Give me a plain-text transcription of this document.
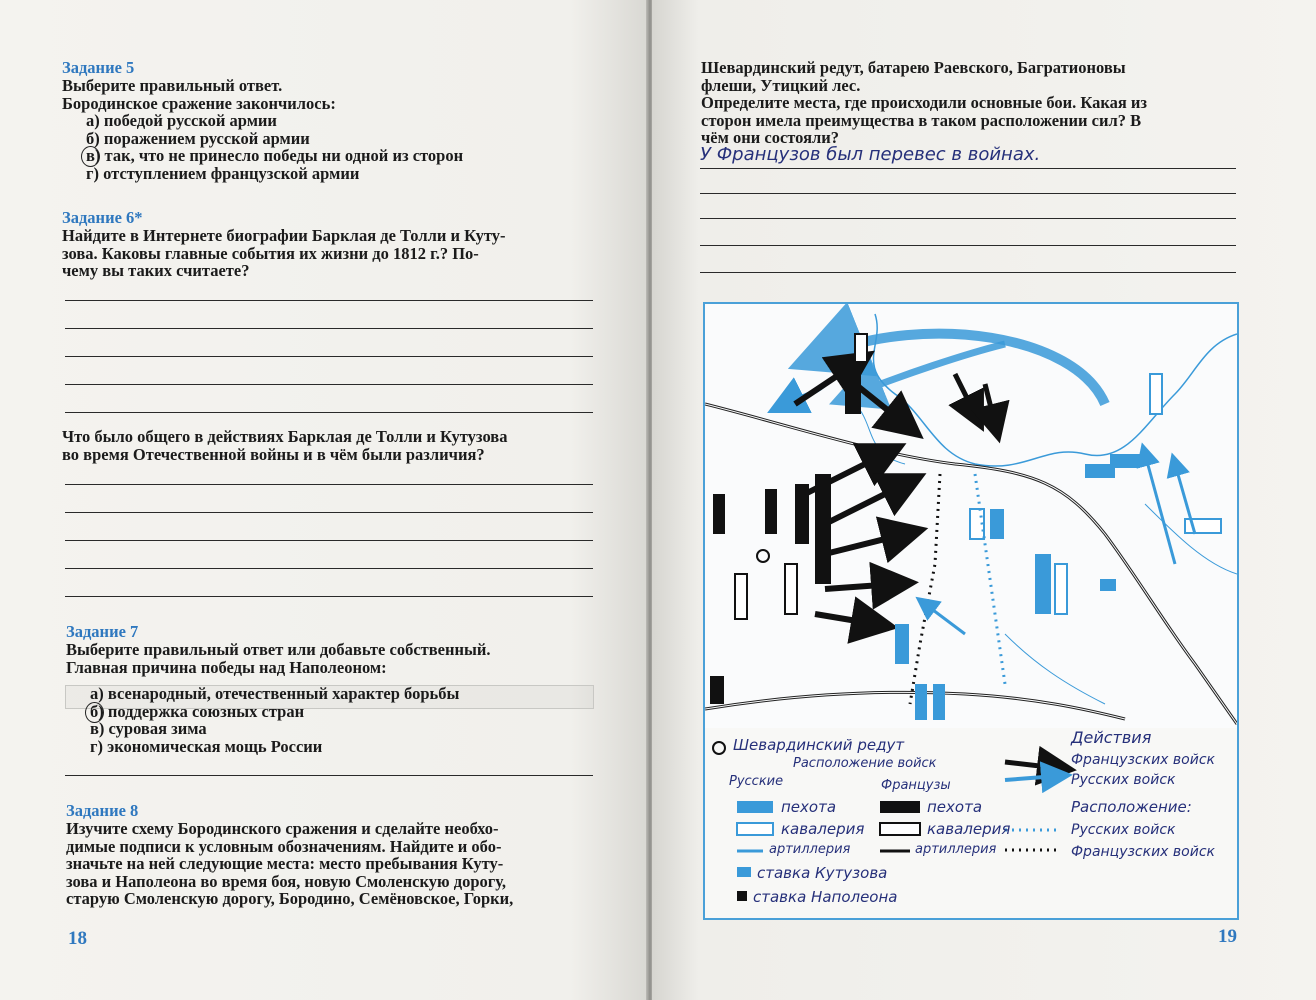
Задание 5
Выберите правильный ответ.
Бородинское сражение закончилось:
а) победой русской армии
б) поражением русской армии
в) так, что не принесло победы ни одной из сторон
г) отступлением французской армии
Задание 6*
Найдите в Интернете биографии Барклая де Толли и Куту-
зова. Каковы главные события их жизни до 1812 г.? По-
чему вы таких считаете?
Что было общего в действиях Барклая де Толли и Кутузова
во время Отечественной войны и в чём были различия?
Задание 7
Выберите правильный ответ или добавьте собственный.
Главная причина победы над Наполеоном:
а) всенародный, отечественный характер борьбы
б) поддержка союзных стран
в) суровая зима
г) экономическая мощь России
Задание 8
Изучите схему Бородинского сражения и сделайте необхо-
димые подписи к условным обозначениям. Найдите и обо-
значьте на ней следующие места: место пребывания Куту-
зова и Наполеона во время боя, новую Смоленскую дорогу,
старую Смоленскую дорогу, Бородино, Семёновское, Горки,
18
Шевардинский редут, батарею Раевского, Багратионовы
флеши, Утицкий лес.
Определите места, где происходили основные бои. Какая из
сторон имела преимущества в таком расположении сил? В
чём они состояли?
У Французов был перевес в войнах.
19
Шевардинский редут
Расположение войск
Русские	Французы
пехота
кавалерия
артиллерия
пехота
кавалерия
артиллерия
ставка Кутузова
ставка Наполеона
Действия
Французских войск
Русских войск
Расположение:
Русских войск
Французских войск
